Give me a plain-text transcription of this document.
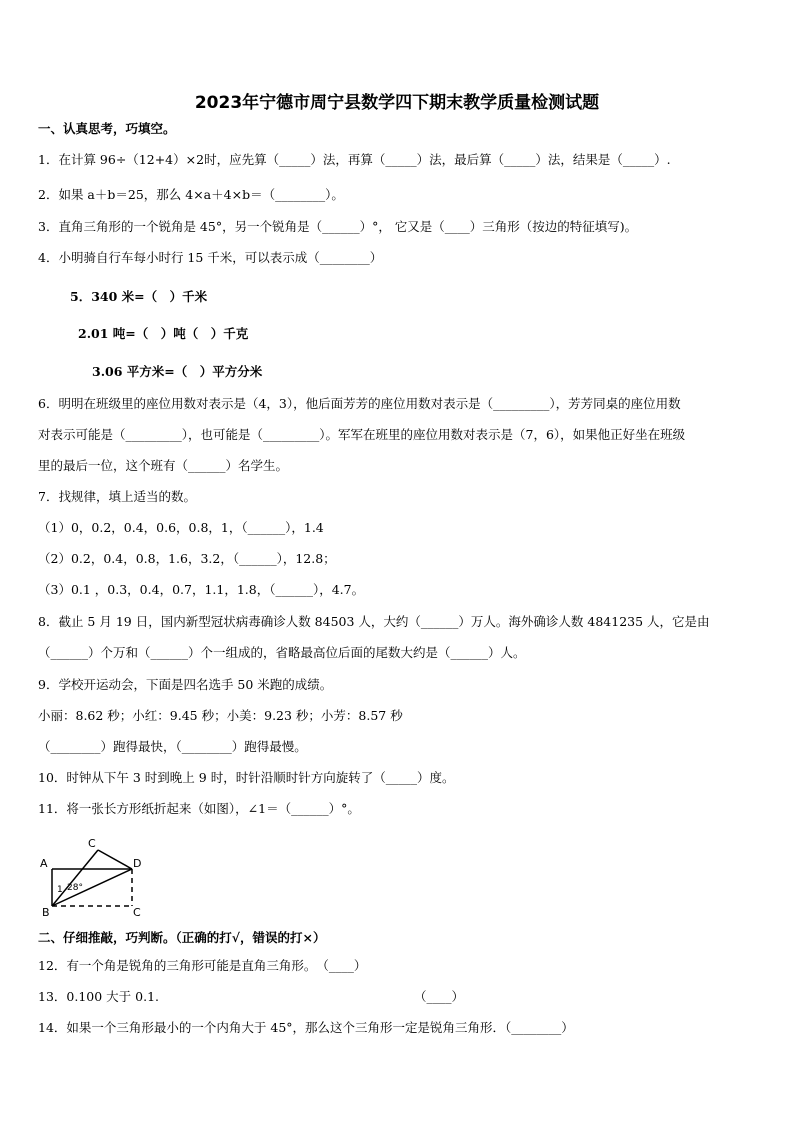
2023年宁德市周宁县数学四下期末教学质量检测试题
一、认真思考，巧填空。
1．在计算 96÷（12+4）×2时，应先算（_____）法，再算（_____）法，最后算（_____）法，结果是（_____）.
2．如果 a＋b＝25，那么 4×a＋4×b＝（________）。
3．直角三角形的一个锐角是 45°，另一个锐角是（______）°， 它又是（____）三角形（按边的特征填写)。
4．小明骑自行车每小时行 15 千米，可以表示成（________）
5．340 米=（　）千米
2.01 吨=（　）吨（　）千克
3.06 平方米=（　）平方分米
6．明明在班级里的座位用数对表示是（4，3），他后面芳芳的座位用数对表示是（_________），芳芳同桌的座位用数
对表示可能是（_________），也可能是（_________）。军军在班里的座位用数对表示是（7，6），如果他正好坐在班级
里的最后一位，这个班有（______）名学生。
7．找规律，填上适当的数。
（1）0，0.2，0.4，0.6，0.8，1，（______），1.4
（2）0.2，0.4，0.8，1.6，3.2，（______），12.8；
（3）0.1 ，0.3，0.4，0.7，1.1，1.8，（______），4.7。
8．截止 5 月 19 日，国内新型冠状病毒确诊人数 84503 人，大约（______）万人。海外确诊人数 4841235 人，它是由
（______）个万和（______）个一组成的，省略最高位后面的尾数大约是（______）人。
9．学校开运动会，下面是四名选手 50 米跑的成绩。
小丽：8.62 秒；小红：9.45 秒；小美：9.23 秒；小芳：8.57 秒
（________）跑得最快，（________）跑得最慢。
10．时钟从下午 3 时到晚上 9 时，时针沿顺时针方向旋转了（_____）度。
11．将一张长方形纸折起来（如图），∠1＝（______）°。
A
B
C
D
C
1 28°
二、仔细推敲，巧判断。（正确的打√，错误的打×）
12．有一个角是锐角的三角形可能是直角三角形。　（____）
13．0.100 大于 0.1.	（____）
14．如果一个三角形最小的一个内角大于 45°，那么这个三角形一定是锐角三角形．（________）
